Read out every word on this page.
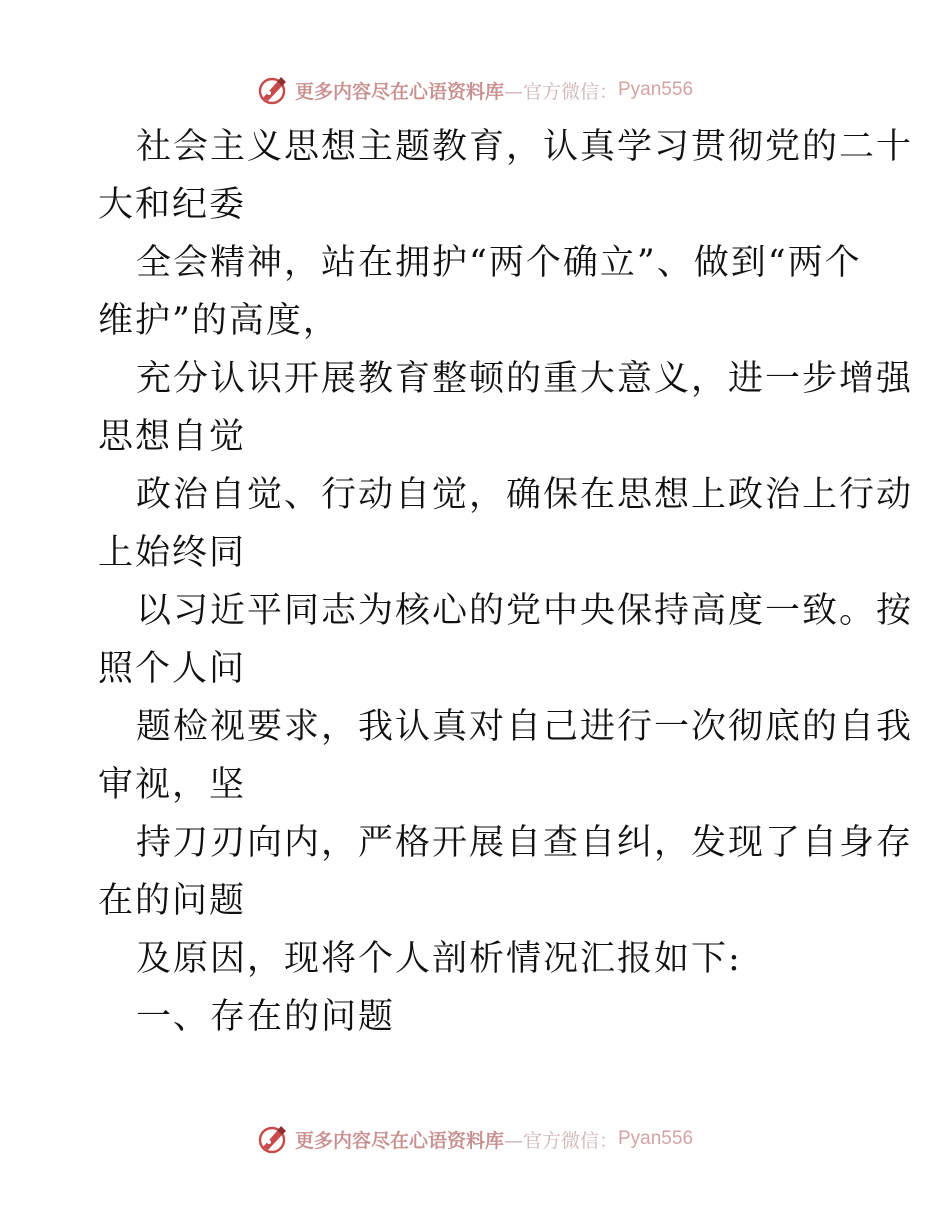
更多内容尽在心语资料库 —官方微信： Pyan556
社会主义思想主题教育，认真学习贯彻党的二十
大和纪委
全会精神，站在拥护“两个确立”、做到“两个
维护”的高度，
充分认识开展教育整顿的重大意义，进一步增强
思想自觉
政治自觉、行动自觉，确保在思想上政治上行动
上始终同
以习近平同志为核心的党中央保持高度一致。按
照个人问
题检视要求，我认真对自己进行一次彻底的自我
审视，坚
持刀刃向内，严格开展自查自纠，发现了自身存
在的问题
及原因，现将个人剖析情况汇报如下:
一、存在的问题
更多内容尽在心语资料库 —官方微信： Pyan556
